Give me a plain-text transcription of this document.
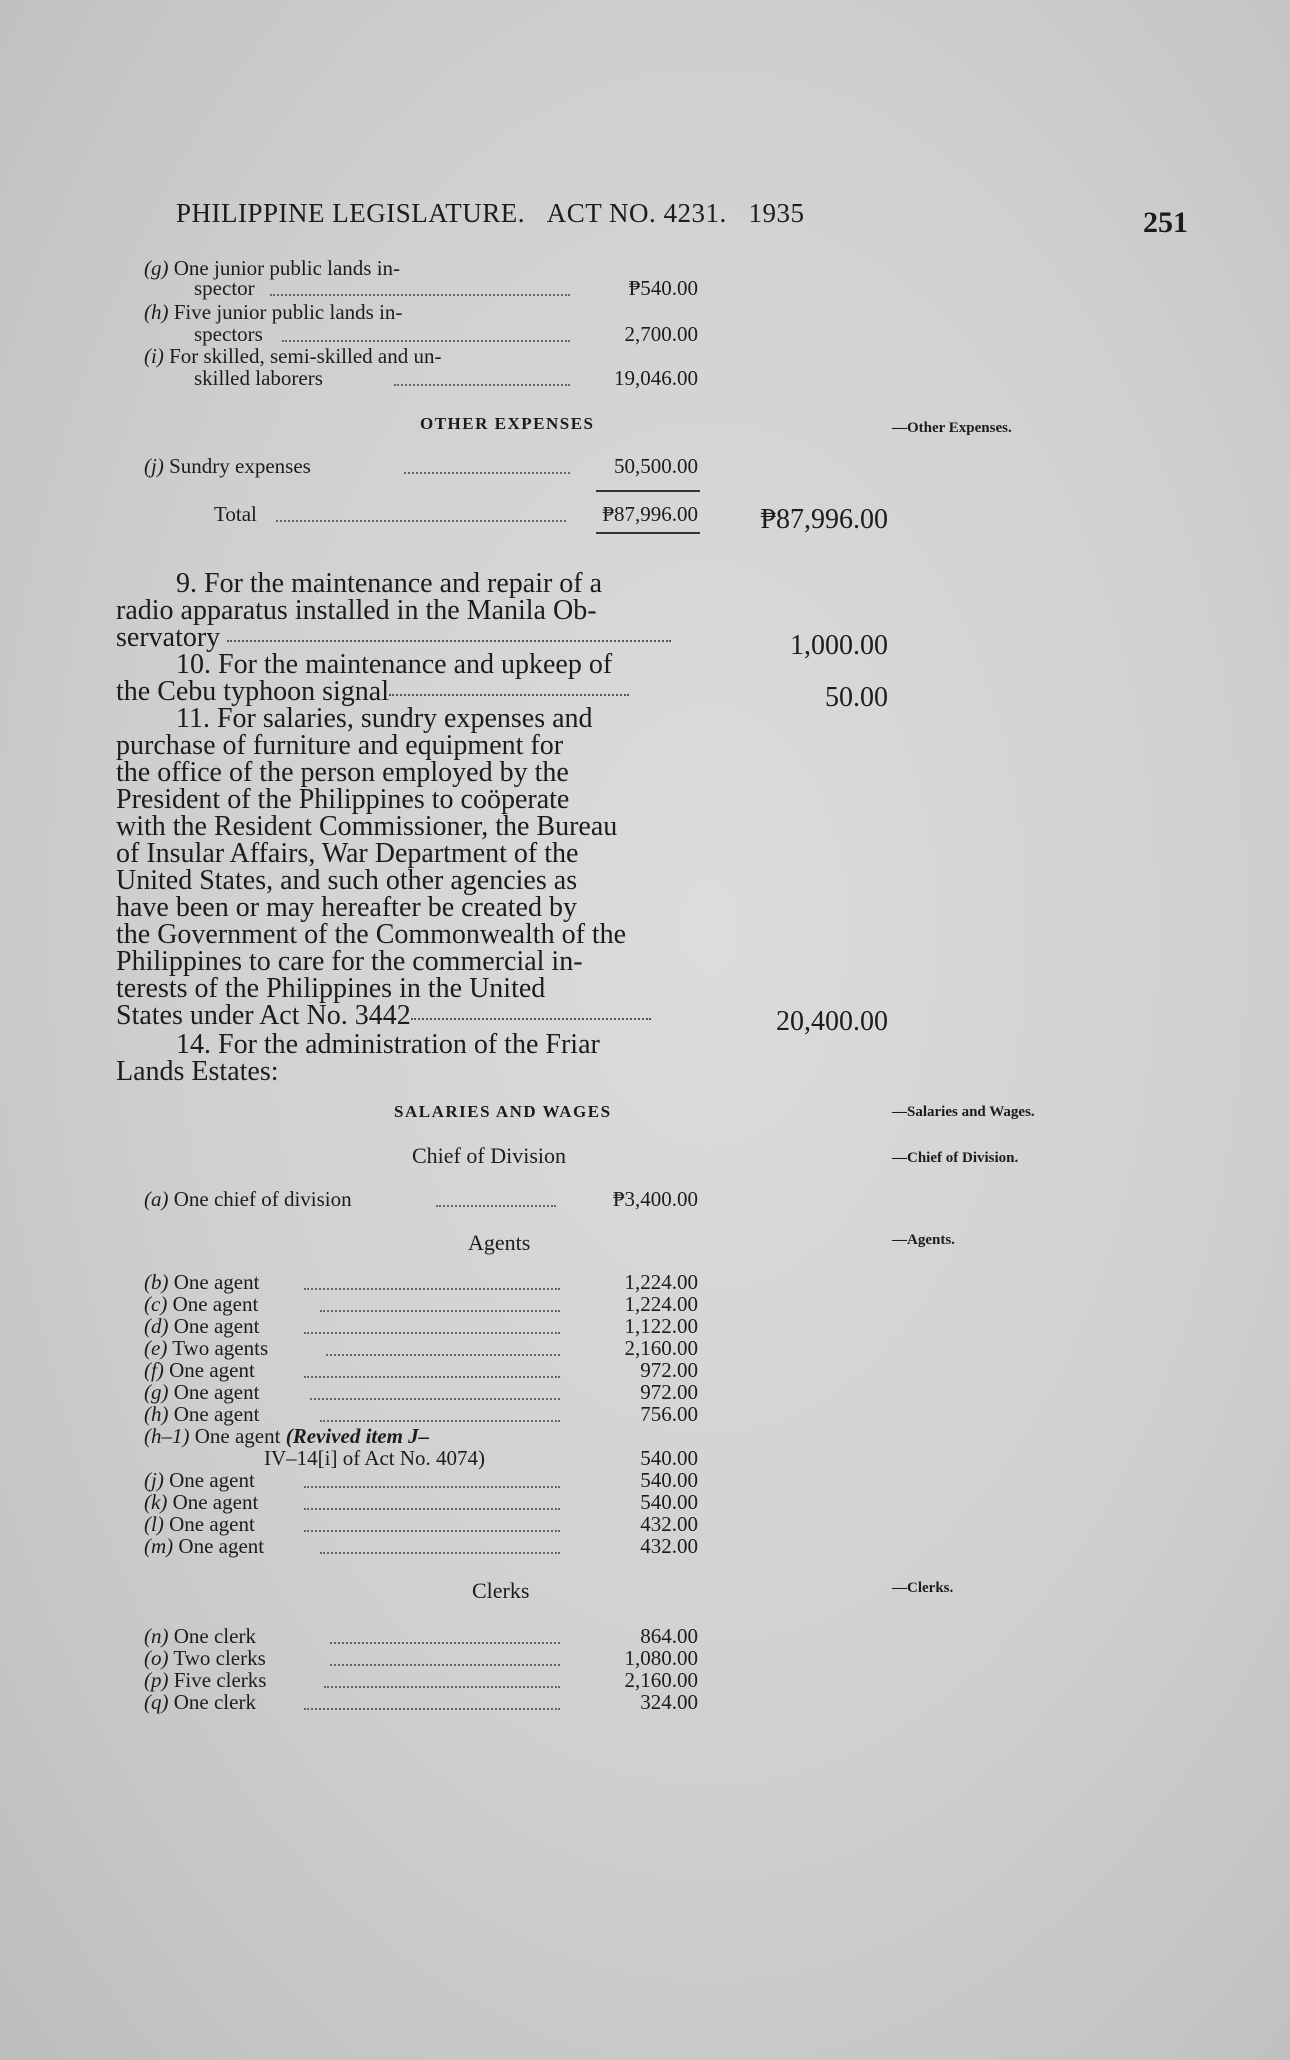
PHILIPPINE LEGISLATURE. ACT NO. 4231. 1935	251
(g) One junior public lands in-
spector	₱540.00
(h) Five junior public lands in-
spectors	2,700.00
(i) For skilled, semi-skilled and un-
skilled laborers	19,046.00
OTHER EXPENSES	—Other Expenses.
(j) Sundry expenses	50,500.00
Total	₱87,996.00 ₱87,996.00
9. For the maintenance and repair of a
radio apparatus installed in the Manila Ob-
servatory	1,000.00
10. For the maintenance and upkeep of
the Cebu typhoon signal	50.00
11. For salaries, sundry expenses and
purchase of furniture and equipment for
the office of the person employed by the
President of the Philippines to coöperate
with the Resident Commissioner, the Bureau
of Insular Affairs, War Department of the
United States, and such other agencies as
have been or may hereafter be created by
the Government of the Commonwealth of the
Philippines to care for the commercial in-
terests of the Philippines in the United
States under Act No. 3442	20,400.00
14. For the administration of the Friar
Lands Estates:
SALARIES AND WAGES	—Salaries and Wages.
Chief of Division	—Chief of Division.
(a) One chief of division	₱3,400.00
Agents	—Agents.
(b) One agent	1,224.00
(c) One agent	1,224.00
(d) One agent	1,122.00
(e) Two agents	2,160.00
(f) One agent	972.00
(g) One agent	972.00
(h) One agent	756.00
(h–1) One agent (Revived item J–
IV–14[i] of Act No. 4074)	540.00
(j) One agent	540.00
(k) One agent	540.00
(l) One agent	432.00
(m) One agent	432.00
Clerks	—Clerks.
(n) One clerk	864.00
(o) Two clerks	1,080.00
(p) Five clerks	2,160.00
(q) One clerk	324.00
